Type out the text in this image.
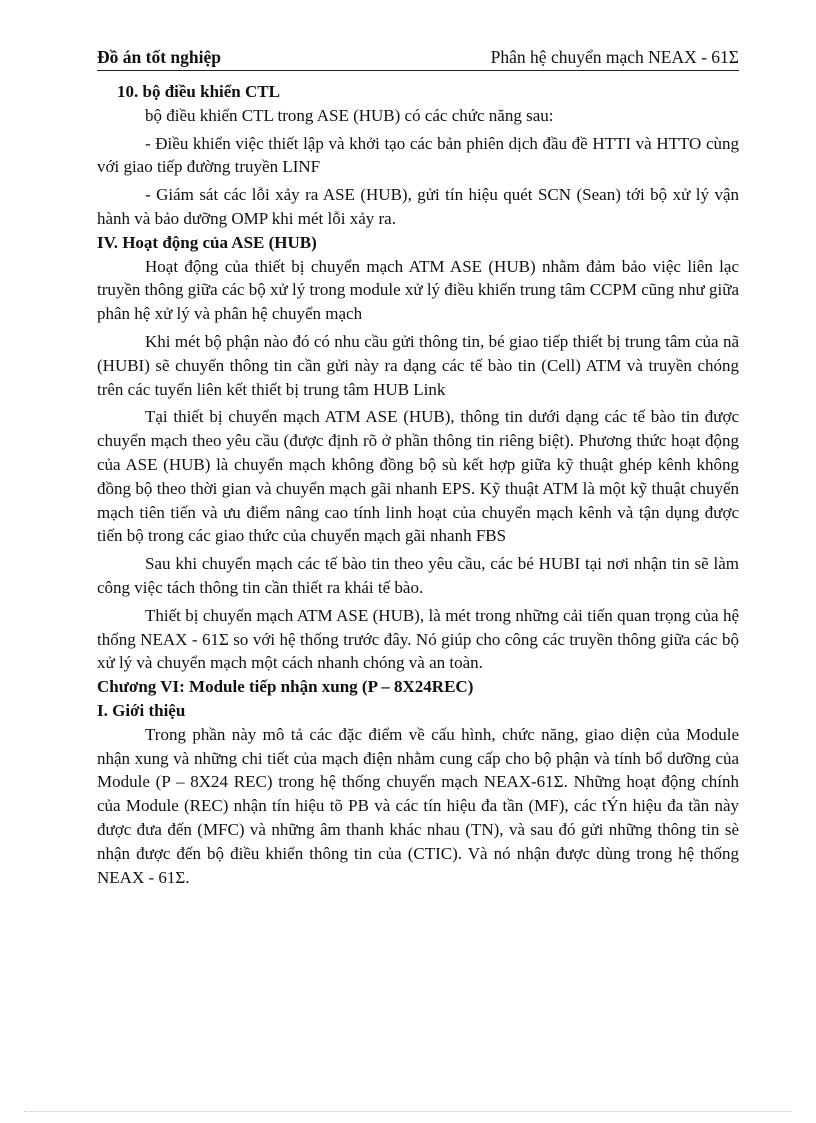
Đồ án tốt nghiệp	Phân hệ chuyển mạch NEAX - 61Σ

10. bộ điều khiển CTL

bộ điều khiển CTL trong ASE (HUB) có các chức năng sau:

- Điều khiển việc thiết lập và khởi tạo các bản phiên dịch đầu đề HTTI và HTTO cùng với giao tiếp đường truyền LINF

- Giám sát các lỗi xảy ra ASE (HUB), gửi tín hiệu quét SCN (Sean) tới bộ xử lý vận hành và bảo dưỡng OMP khi mét lỗi xảy ra.

IV. Hoạt động của ASE (HUB)

Hoạt động của thiết bị chuyển mạch ATM ASE (HUB) nhằm đảm bảo việc liên lạc truyền thông giữa các bộ xử lý trong module xử lý điều khiển trung tâm CCPM cũng như giữa phân hệ xử lý và phân hệ chuyển mạch

Khi mét bộ phận nào đó có nhu cầu gửi thông tin, bé giao tiếp thiết bị trung tâm của nã (HUBI) sẽ chuyển thông tin cần gửi này ra dạng các tế bào tin (Cell) ATM và truyền chóng trên các tuyến liên kết thiết bị trung tâm HUB Link

Tại thiết bị chuyển mạch ATM ASE (HUB), thông tin dưới dạng các tế bào tin được chuyển mạch theo yêu cầu (được định rõ ở phần thông tin riêng biệt). Phương thức hoạt động của ASE (HUB) là chuyển mạch không đồng bộ sù kết hợp giữa kỹ thuật ghép kênh không đồng bộ theo thời gian và chuyển mạch gãi nhanh EPS. Kỹ thuật ATM là một kỹ thuật chuyển mạch tiên tiến và ưu điểm nâng cao tính linh hoạt của chuyển mạch kênh và tận dụng được tiến bộ trong các giao thức của chuyển mạch gãi nhanh FBS

Sau khi chuyển mạch các tế bào tin theo yêu cầu, các bé HUBI tại nơi nhận tin sẽ làm công việc tách thông tin cần thiết ra khái tế bào.

Thiết bị chuyển mạch ATM ASE (HUB), là mét trong những cải tiến quan trọng của hệ thống NEAX - 61Σ so với hệ thống trước đây. Nó giúp cho công các truyền thông giữa các bộ xử lý và chuyển mạch một cách nhanh chóng và an toàn.

Chương VI: Module tiếp nhận xung (P – 8X24REC)

I. Giới thiệu

Trong phần này mô tả các đặc điểm về cấu hình, chức năng, giao diện của Module nhận xung và những chi tiết của mạch điện nhằm cung cấp cho bộ phận và tính bổ dưỡng của Module (P – 8X24 REC) trong hệ thống chuyển mạch NEAX-61Σ. Những hoạt động chính của Module (REC) nhận tín hiệu tõ PB và các tín hiệu đa tần (MF), các tÝn hiệu đa tần này được đưa đến (MFC) và những âm thanh khác nhau (TN), và sau đó gửi những thông tin sè nhận được đến bộ điều khiển thông tin của (CTIC). Và nó nhận được dùng trong hệ thống NEAX - 61Σ.
